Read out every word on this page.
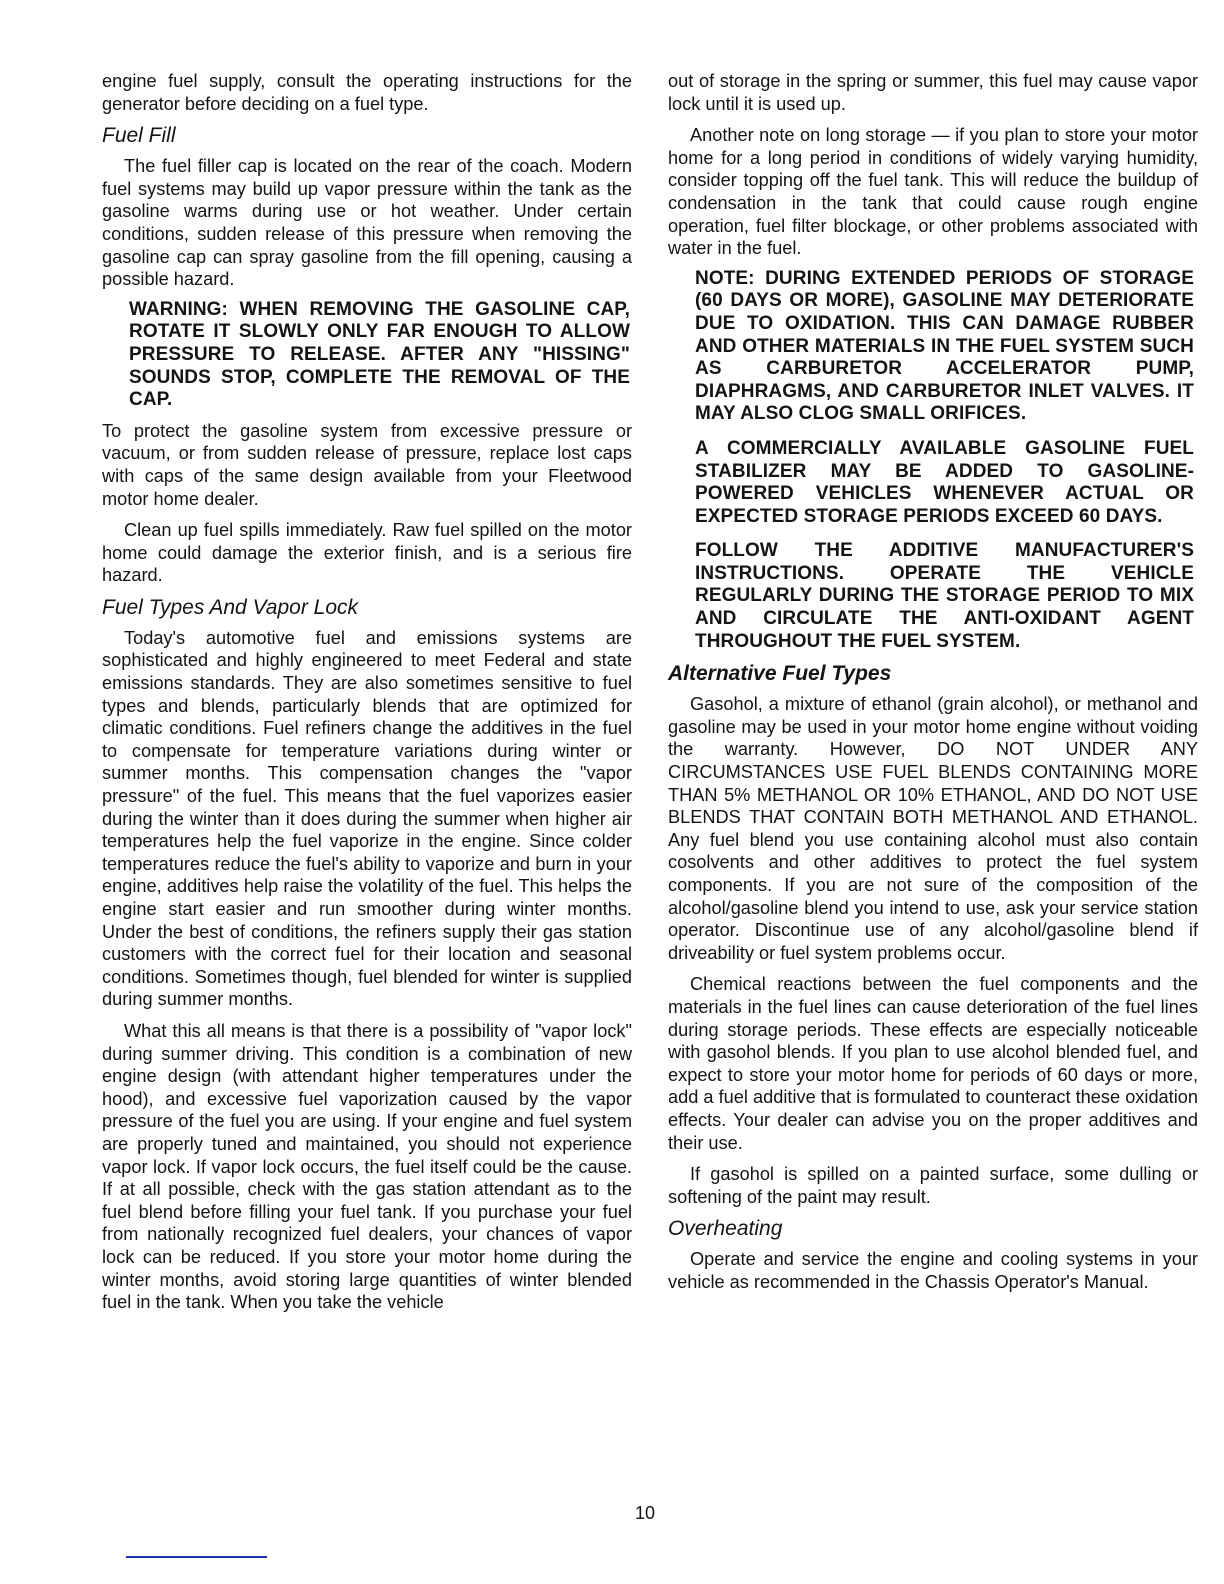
engine fuel supply, consult the operating instructions for the generator before deciding on a fuel type.

Fuel Fill

The fuel filler cap is located on the rear of the coach. Modern fuel systems may build up vapor pressure within the tank as the gasoline warms during use or hot weather. Under certain conditions, sudden release of this pressure when removing the gasoline cap can spray gasoline from the fill opening, causing a possible hazard.

WARNING: WHEN REMOVING THE GASOLINE CAP, ROTATE IT SLOWLY ONLY FAR ENOUGH TO ALLOW PRESSURE TO RELEASE. AFTER ANY "HISSING" SOUNDS STOP, COMPLETE THE REMOVAL OF THE CAP.

To protect the gasoline system from excessive pressure or vacuum, or from sudden release of pressure, replace lost caps with caps of the same design available from your Fleetwood motor home dealer.

Clean up fuel spills immediately. Raw fuel spilled on the motor home could damage the exterior finish, and is a serious fire hazard.

Fuel Types And Vapor Lock

Today's automotive fuel and emissions systems are sophisticated and highly engineered to meet Federal and state emissions standards. They are also sometimes sensitive to fuel types and blends, particularly blends that are optimized for climatic conditions. Fuel refiners change the additives in the fuel to compensate for temperature variations during winter or summer months. This compensation changes the "vapor pressure" of the fuel. This means that the fuel vaporizes easier during the winter than it does during the summer when higher air temperatures help the fuel vaporize in the engine. Since colder temperatures reduce the fuel's ability to vaporize and burn in your engine, additives help raise the volatility of the fuel. This helps the engine start easier and run smoother during winter months. Under the best of conditions, the refiners supply their gas station customers with the correct fuel for their location and seasonal conditions. Sometimes though, fuel blended for winter is supplied during summer months.

What this all means is that there is a possibility of "vapor lock" during summer driving. This condition is a combination of new engine design (with attendant higher temperatures under the hood), and excessive fuel vaporization caused by the vapor pressure of the fuel you are using. If your engine and fuel system are properly tuned and maintained, you should not experience vapor lock. If vapor lock occurs, the fuel itself could be the cause. If at all possible, check with the gas station attendant as to the fuel blend before filling your fuel tank. If you purchase your fuel from nationally recognized fuel dealers, your chances of vapor lock can be reduced. If you store your motor home during the winter months, avoid storing large quantities of winter blended fuel in the tank. When you take the vehicle

out of storage in the spring or summer, this fuel may cause vapor lock until it is used up.

Another note on long storage — if you plan to store your motor home for a long period in conditions of widely varying humidity, consider topping off the fuel tank. This will reduce the buildup of condensation in the tank that could cause rough engine operation, fuel filter blockage, or other problems associated with water in the fuel.

NOTE: DURING EXTENDED PERIODS OF STORAGE (60 DAYS OR MORE), GASOLINE MAY DETERIORATE DUE TO OXIDATION. THIS CAN DAMAGE RUBBER AND OTHER MATERIALS IN THE FUEL SYSTEM SUCH AS CARBURETOR ACCELERATOR PUMP, DIAPHRAGMS, AND CARBURETOR INLET VALVES. IT MAY ALSO CLOG SMALL ORIFICES.
A COMMERCIALLY AVAILABLE GASOLINE FUEL STABILIZER MAY BE ADDED TO GASOLINE-POWERED VEHICLES WHENEVER ACTUAL OR EXPECTED STORAGE PERIODS EXCEED 60 DAYS.
FOLLOW THE ADDITIVE MANUFACTURER'S INSTRUCTIONS. OPERATE THE VEHICLE REGULARLY DURING THE STORAGE PERIOD TO MIX AND CIRCULATE THE ANTI-OXIDANT AGENT THROUGHOUT THE FUEL SYSTEM.
Alternative Fuel Types

Gasohol, a mixture of ethanol (grain alcohol), or methanol and gasoline may be used in your motor home engine without voiding the warranty. However, DO NOT UNDER ANY CIRCUMSTANCES USE FUEL BLENDS CONTAINING MORE THAN 5% METHANOL OR 10% ETHANOL, AND DO NOT USE BLENDS THAT CONTAIN BOTH METHANOL AND ETHANOL. Any fuel blend you use containing alcohol must also contain cosolvents and other additives to protect the fuel system components. If you are not sure of the composition of the alcohol/gasoline blend you intend to use, ask your service station operator. Discontinue use of any alcohol/gasoline blend if driveability or fuel system problems occur.

Chemical reactions between the fuel components and the materials in the fuel lines can cause deterioration of the fuel lines during storage periods. These effects are especially noticeable with gasohol blends. If you plan to use alcohol blended fuel, and expect to store your motor home for periods of 60 days or more, add a fuel additive that is formulated to counteract these oxidation effects. Your dealer can advise you on the proper additives and their use.

If gasohol is spilled on a painted surface, some dulling or softening of the paint may result.

Overheating

Operate and service the engine and cooling systems in your vehicle as recommended in the Chassis Operator's Manual.

10
